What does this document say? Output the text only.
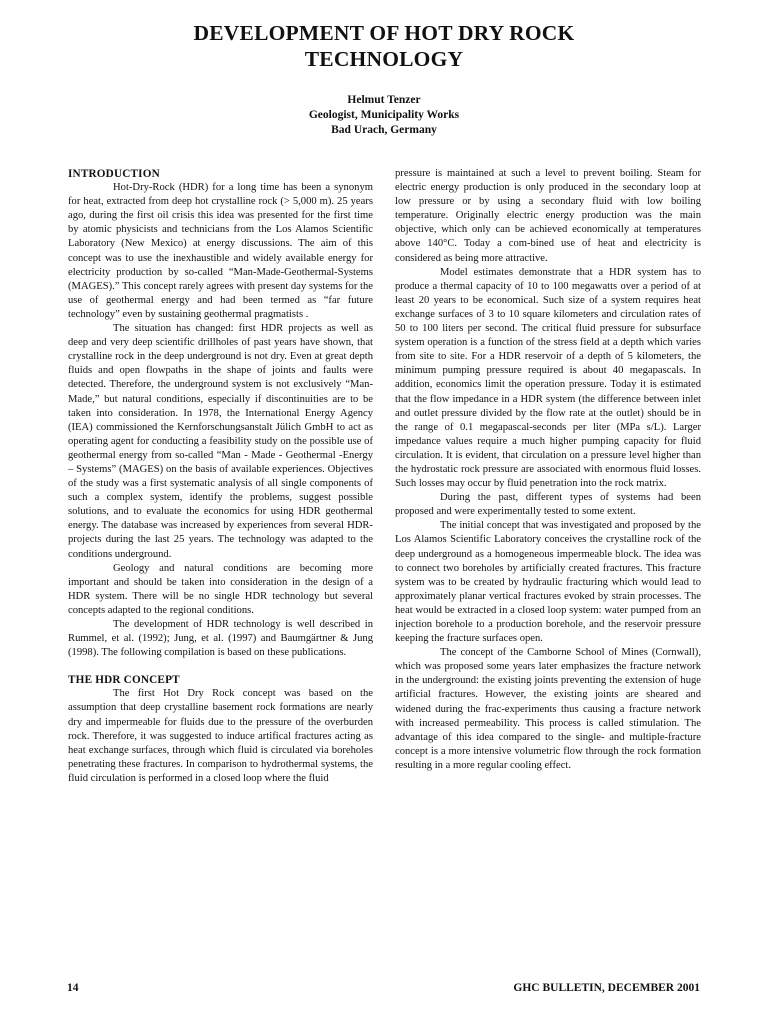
DEVELOPMENT OF HOT DRY ROCK
TECHNOLOGY
Helmut Tenzer
Geologist, Municipality Works
Bad Urach, Germany
INTRODUCTION

Hot-Dry-Rock (HDR) for a long time has been a synonym for heat, extracted from deep hot crystalline rock (> 5,000 m). 25 years ago, during the first oil crisis this idea was presented for the first time by atomic physicists and technicians from the Los Alamos Scientific Laboratory (New Mexico) at energy discussions. The aim of this concept was to use the inexhaustible and widely available energy for electricity production by so-called “Man-Made-Geothermal-Systems (MAGES).” This concept rarely agrees with present day systems for the use of geothermal energy and had been termed as “far future technology” even by sustaining geothermal pragmatists .

The situation has changed: first HDR projects as well as deep and very deep scientific drillholes of past years have shown, that crystalline rock in the deep underground is not dry. Even at great depth fluids and open flowpaths in the shape of joints and faults were detected. Therefore, the underground system is not exclusively “Man-Made,” but natural conditions, especially if discontinuities are to be taken into consideration. In 1978, the International Energy Agency (IEA) commissioned the Kernforschungsanstalt Jülich GmbH to act as operating agent for conducting a feasibility study on the possible use of geothermal energy from so-called “Man - Made - Geothermal -Energy – Systems” (MAGES) on the basis of available experiences. Objectives of the study was a first systematic analysis of all single components of such a complex system, identify the problems, suggest possible solutions, and to evaluate the economics for using HDR geothermal energy. The database was increased by experiences from several HDR- projects during the last 25 years. The technology was adapted to the conditions underground.

Geology and natural conditions are becoming more important and should be taken into consideration in the design of a HDR system. There will be no single HDR technology but several concepts adapted to the regional conditions.

The development of HDR technology is well described in Rummel, et al. (1992); Jung, et al. (1997) and Baumgärtner & Jung (1998). The following compilation is based on these publications.

THE HDR CONCEPT

The first Hot Dry Rock concept was based on the assumption that deep crystalline basement rock formations are nearly dry and impermeable for fluids due to the pressure of the overburden rock. Therefore, it was suggested to induce artifical fractures acting as heat exchange surfaces, through which fluid is circulated via boreholes penetrating these fractures. In comparison to hydrothermal systems, the fluid circulation is performed in a closed loop where the fluid

pressure is maintained at such a level to prevent boiling. Steam for electric energy production is only produced in the secondary loop at low pressure or by using a secondary fluid with low boiling temperature. Originally electric energy production was the main objective, which only can be achieved economically at temperatures above 140°C. Today a com-bined use of heat and electricity is considered as being more attractive.

Model estimates demonstrate that a HDR system has to produce a thermal capacity of 10 to 100 megawatts over a period of at least 20 years to be economical. Such size of a system requires heat exchange surfaces of 3 to 10 square kilometers and circulation rates of 50 to 100 liters per second. The critical fluid pressure for subsurface system operation is a function of the stress field at a depth which varies from site to site. For a HDR reservoir of a depth of 5 kilometers, the minimum pumping pressure required is about 40 megapascals. In addition, economics limit the operation pressure. Today it is estimated that the flow impedance in a HDR system (the difference between inlet and outlet pressure divided by the flow rate at the outlet) should be in the range of 0.1 megapascal-seconds per liter (MPa s/L). Larger impedance values require a much higher pumping capacity for fluid circulation. It is evident, that circulation on a pressure level higher than the hydrostatic rock pressure are associated with enormous fluid losses. Such losses may occur by fluid penetration into the rock matrix.

During the past, different types of systems had been proposed and were experimentally tested to some extent.

The initial concept that was investigated and proposed by the Los Alamos Scientific Laboratory conceives the crystalline rock of the deep underground as a homogeneous impermeable block. The idea was to connect two boreholes by artificially created fractures. This fracture system was to be created by hydraulic fracturing which would lead to approximately planar vertical fractures evoked by strain processes. The heat would be extracted in a closed loop system: water pumped from an injection borehole to a production borehole, and the reservoir pressure keeping the fracture surfaces open.

The concept of the Camborne School of Mines (Cornwall), which was proposed some years later emphasizes the fracture network in the underground: the existing joints preventing the extension of huge artificial fractures. However, the existing joints are sheared and widened during the frac-experiments thus causing a fracture network with increased permeability. This process is called stimulation. The advantage of this idea compared to the single- and multiple-fracture concept is a more intensive volumetric flow through the rock formation resulting in a more regular cooling effect.

14	GHC BULLETIN, DECEMBER 2001
